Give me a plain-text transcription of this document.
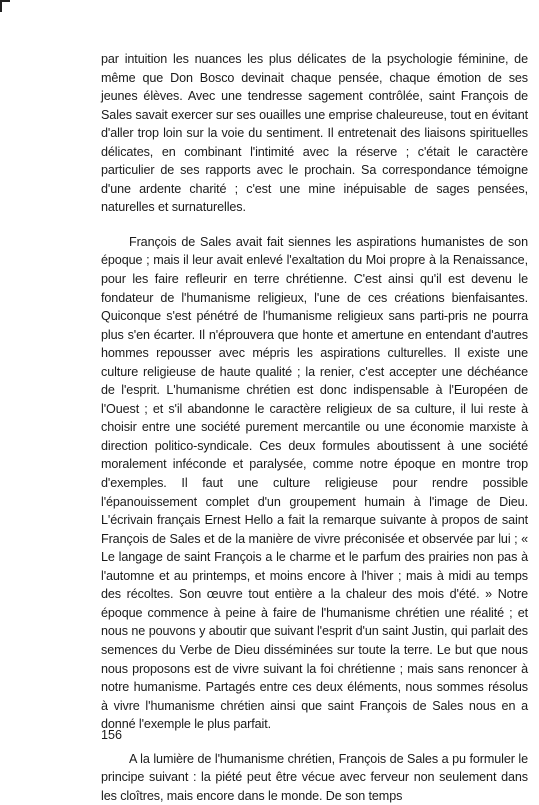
par intuition les nuances les plus délicates de la psychologie féminine, de même que Don Bosco devinait chaque pensée, chaque émotion de ses jeunes élèves. Avec une tendresse sagement contrôlée, saint François de Sales savait exercer sur ses ouailles une emprise chaleureuse, tout en évitant d'aller trop loin sur la voie du sentiment. Il entretenait des liaisons spirituelles délicates, en combinant l'intimité avec la réserve ; c'était le caractère particulier de ses rapports avec le prochain. Sa correspondance témoigne d'une ardente charité ; c'est une mine inépuisable de sages pensées, naturelles et surnaturelles.

François de Sales avait fait siennes les aspirations humanistes de son époque ; mais il leur avait enlevé l'exaltation du Moi propre à la Renaissance, pour les faire refleurir en terre chrétienne. C'est ainsi qu'il est devenu le fondateur de l'humanisme religieux, l'une de ces créations bienfaisantes. Quiconque s'est pénétré de l'humanisme religieux sans parti-pris ne pourra plus s'en écarter. Il n'éprouvera que honte et amertune en entendant d'autres hommes repousser avec mépris les aspirations culturelles. Il existe une culture religieuse de haute qualité ; la renier, c'est accepter une déchéance de l'esprit. L'humanisme chrétien est donc indispensable à l'Européen de l'Ouest ; et s'il abandonne le caractère religieux de sa culture, il lui reste à choisir entre une société purement mercantile ou une économie marxiste à direction politico-syndicale. Ces deux formules aboutissent à une société moralement inféconde et paralysée, comme notre époque en montre trop d'exemples. Il faut une culture religieuse pour rendre possible l'épanouissement complet d'un groupement humain à l'image de Dieu. L'écrivain français Ernest Hello a fait la remarque suivante à propos de saint François de Sales et de la manière de vivre préconisée et observée par lui ; « Le langage de saint François a le charme et le parfum des prairies non pas à l'automne et au printemps, et moins encore à l'hiver ; mais à midi au temps des récoltes. Son œuvre tout entière a la chaleur des mois d'été. » Notre époque commence à peine à faire de l'humanisme chrétien une réalité ; et nous ne pouvons y aboutir que suivant l'esprit d'un saint Justin, qui parlait des semences du Verbe de Dieu disséminées sur toute la terre. Le but que nous nous proposons est de vivre suivant la foi chrétienne ; mais sans renoncer à notre humanisme. Partagés entre ces deux éléments, nous sommes résolus à vivre l'humanisme chrétien ainsi que saint François de Sales nous en a donné l'exemple le plus parfait.

A la lumière de l'humanisme chrétien, François de Sales a pu formuler le principe suivant : la piété peut être vécue avec ferveur non seulement dans les cloîtres, mais encore dans le monde. De son temps

156
